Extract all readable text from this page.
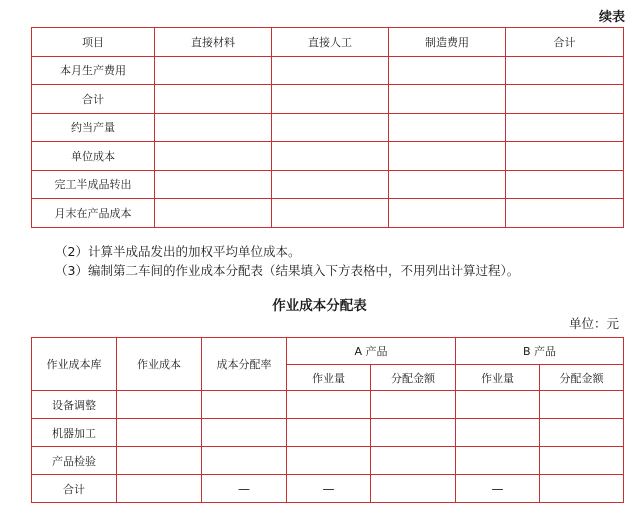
续表
项目	直接材料	直接人工	制造费用	合计
本月生产费用				
合计				
约当产量				
单位成本				
完工半成品转出				
月末在产品成本				
（2）计算半成品发出的加权平均单位成本。
（3）编制第二车间的作业成本分配表（结果填入下方表格中，不用列出计算过程）。
作业成本分配表
单位：元
作业成本库	作业成本	成本分配率	A 产品		B 产品	
			作业量	分配金额	作业量	分配金额
设备调整						
机器加工						
产品检验						
合计		—	—		—	
